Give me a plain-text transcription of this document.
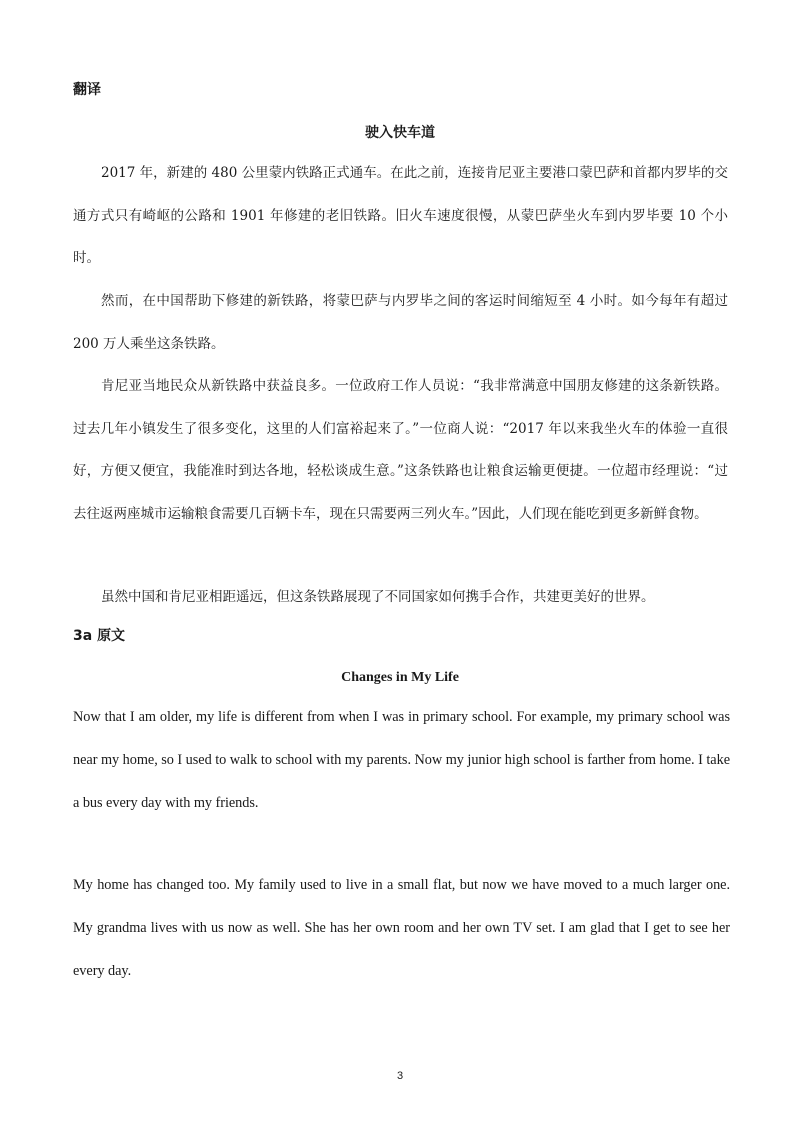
翻译
驶入快车道

2017 年，新建的 480 公里蒙内铁路正式通车。在此之前，连接肯尼亚主要港口蒙巴萨和首都内罗毕的交通方式只有崎岖的公路和 1901 年修建的老旧铁路。旧火车速度很慢，从蒙巴萨坐火车到内罗毕要 10 个小时。

然而，在中国帮助下修建的新铁路，将蒙巴萨与内罗毕之间的客运时间缩短至 4 小时。如今每年有超过 200 万人乘坐这条铁路。

肯尼亚当地民众从新铁路中获益良多。一位政府工作人员说：“我非常满意中国朋友修建的这条新铁路。过去几年小镇发生了很多变化，这里的人们富裕起来了。”一位商人说：“2017 年以来我坐火车的体验一直很好，方便又便宜，我能准时到达各地，轻松谈成生意。”这条铁路也让粮食运输更便捷。一位超市经理说：“过去往返两座城市运输粮食需要几百辆卡车，现在只需要两三列火车。”因此，人们现在能吃到更多新鲜食物。

虽然中国和肯尼亚相距遥远，但这条铁路展现了不同国家如何携手合作，共建更美好的世界。

3a 原文
Changes in My Life

Now that I am older, my life is different from when I was in primary school. For example, my primary school was near my home, so I used to walk to school with my parents. Now my junior high school is farther from home. I take a bus every day with my friends.

My home has changed too. My family used to live in a small flat, but now we have moved to a much larger one. My grandma lives with us now as well. She has her own room and her own TV set. I am glad that I get to see her every day.

3
